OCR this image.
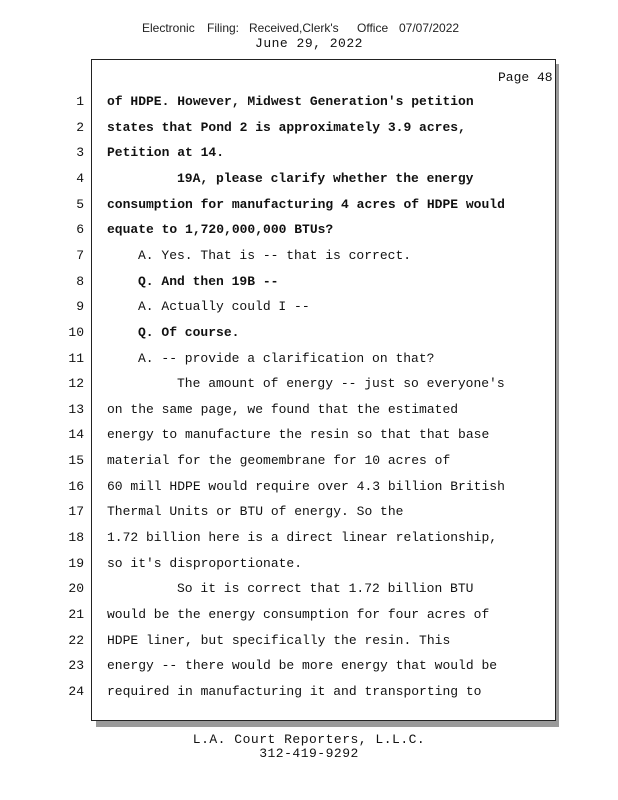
Electronic Filing: Received,Clerk's Office 07/07/2022
June 29, 2022
Page 48
1
2
3
4
5
6
7
8
9
10
11
12
13
14
15
16
17
18
19
20
21
22
23
24
of HDPE. However, Midwest Generation's petition
states that Pond 2 is approximately 3.9 acres,
Petition at 14.
19A, please clarify whether the energy
consumption for manufacturing 4 acres of HDPE would
equate to 1,720,000,000 BTUs?
A. Yes. That is -- that is correct.
Q. And then 19B --
A. Actually could I --
Q. Of course.
A. -- provide a clarification on that?
The amount of energy -- just so everyone's
on the same page, we found that the estimated
energy to manufacture the resin so that that base
material for the geomembrane for 10 acres of
60 mill HDPE would require over 4.3 billion British
Thermal Units or BTU of energy. So the
1.72 billion here is a direct linear relationship,
so it's disproportionate.
So it is correct that 1.72 billion BTU
would be the energy consumption for four acres of
HDPE liner, but specifically the resin. This
energy -- there would be more energy that would be
required in manufacturing it and transporting to
L.A. Court Reporters, L.L.C.
312-419-9292
